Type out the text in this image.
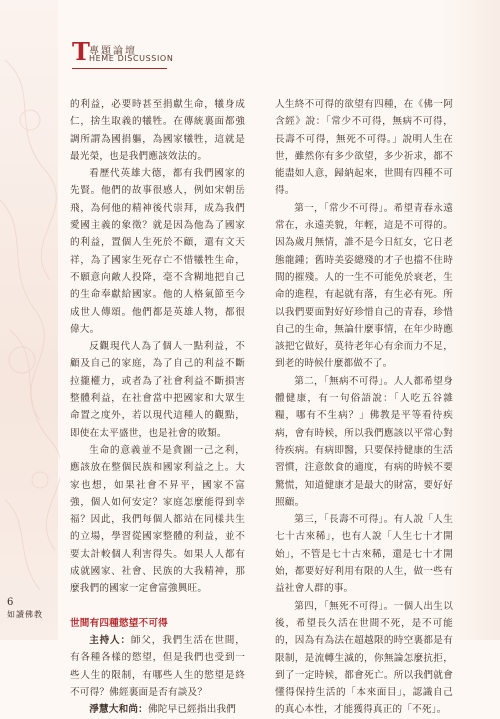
T 專題論壇
HEME DISCUSSION

的利益，必要時甚至捐獻生命，犧身成仁，捨生取義的犧牲。在傳統裏面都強調所謂為國捐軀，為國家犧牲，這就是最光榮，也是我們應該效法的。

看歷代英雄大德，都有我們國家的先賢。他們的故事很感人，例如宋朝岳飛，為何他的精神後代崇拜，成為我們愛國主義的象徵？就是因為他為了國家的利益，置個人生死於不顧，還有文天祥，為了國家生死存亡不惜犧牲生命，不願意向敵人投降，毫不含糊地把自己的生命奉獻給國家。他的人格氣節至今成世人傳頌。他們都是英雄人物，都很偉大。

反觀現代人為了個人一點利益，不顧及自己的家庭，為了自己的利益不斷拉攏權力，或者為了社會利益不斷損害整體利益，在社會當中把國家和大眾生命置之度外，若以現代這種人的觀點，即使在太平盛世，也是社會的敗類。

生命的意義並不是貪圖一己之利，應該放在整個民族和國家利益之上。大家也想，如果社會不昇平，國家不富強，個人如何安定？家庭怎麼能得到幸福？因此，我們每個人都站在同樣共生的立場，學習從國家整體的利益，並不要太計較個人利害得失。如果人人都有成就國家、社會、民族的大我精神，那麼我們的國家一定會富強興旺。

世間有四種慾望不可得

主持人：師父，我們生活在世間，有各種各樣的慾望，但是我們也受到一些人生的限制，有哪些人生的慾望是終不可得？佛經裏面是否有談及？

淨慧大和尚：佛陀早已經指出我們

人生終不可得的欲望有四種，在《佛一阿含經》說：「常少不可得，無病不可得，長壽不可得，無死不可得。」說明人生在世，雖然你有多少欲望，多少祈求，都不能盡如人意，歸納起來，世間有四種不可得。

第一，「常少不可得」。希望青春永遠常在，永遠美貌，年輕，這是不可得的。因為歲月無情，誰不是今日紅女，它日老態龍鍾；舊時美姿總殘的才子也擋不住時間的摧殘。人的一生不可能免於衰老，生命的進程，有起就有落，有生必有死。所以我們要面對好好珍惜自己的青春，珍惜自己的生命，無論什麼事情，在年少時應該把它做好，莫待老年心有余而力不足，到老的時候什麼都做不了。

第二，「無病不可得」。人人都希望身體健康，有一句俗語說：「人吃五谷雜糧，哪有不生病？」佛教是平等看待疾病，會有時候，所以我們應該以平常心對待疾病。有病即醫，只要保持健康的生活習慣，注意飲食的適度，有病的時候不要驚慌，知道健康才是最大的財富，要好好照顧。

第三，「長壽不可得」。有人說「人生七十古來稀」，也有人說「人生七十才開始」，不管是七十古來稀，還是七十才開始，都要好好利用有限的人生，做一些有益社會人群的事。

第四，「無死不可得」。一個人出生以後，希望長久活在世間不死，是不可能的，因為有為法在超越限的時空裏都是有限制，是流轉生滅的，你無論怎麼抗拒，到了一定時候，都會死亡。所以我們就會懂得保持生活的「本來面目」，認識自己的真心本性，才能獲得真正的「不死」。

6
如讀佛教
